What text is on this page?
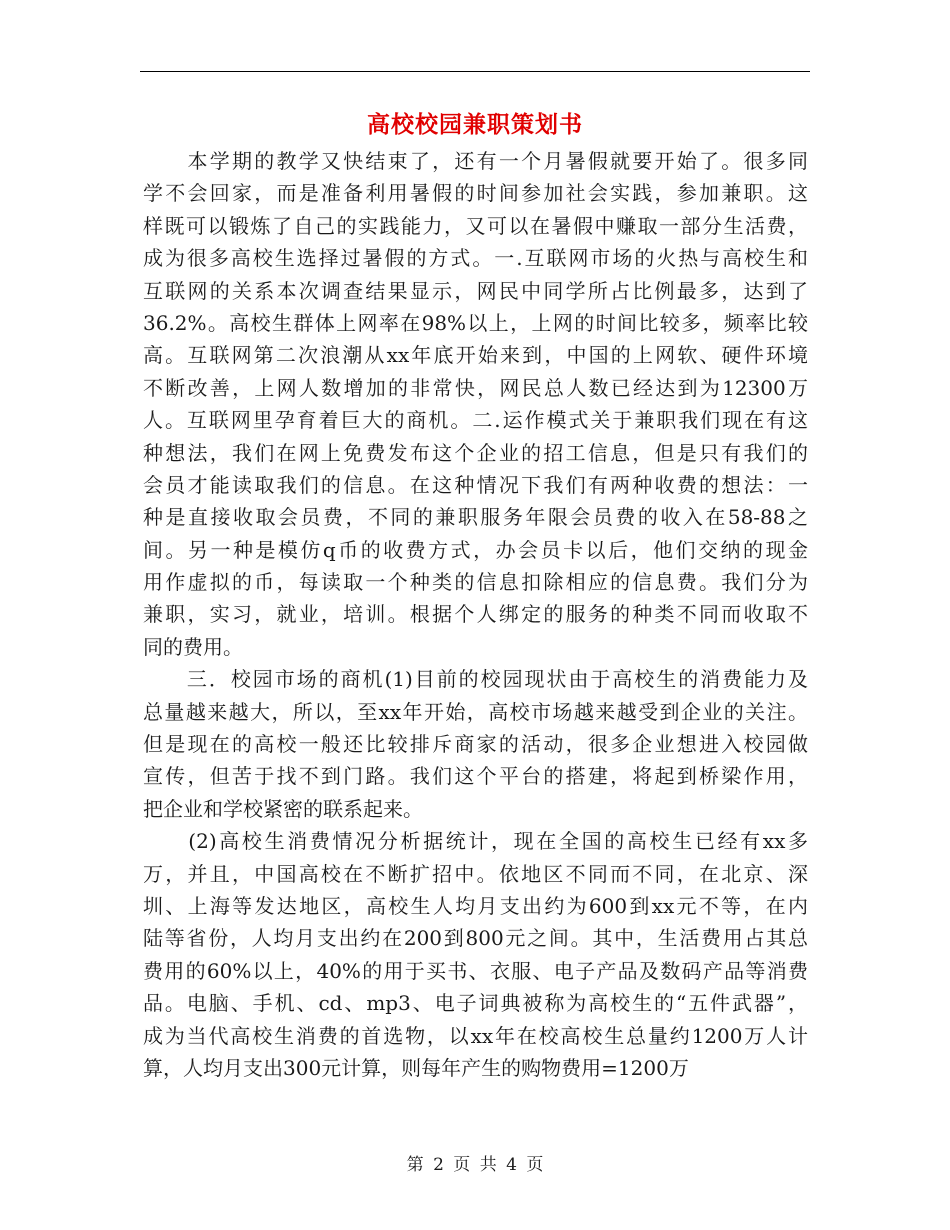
高校校园兼职策划书
　　本学期的教学又快结束了，还有一个月暑假就要开始了。很多同
学不会回家，而是准备利用暑假的时间参加社会实践，参加兼职。这
样既可以锻炼了自己的实践能力，又可以在暑假中赚取一部分生活费，
成为很多高校生选择过暑假的方式。一.互联网市场的火热与高校生和
互联网的关系本次调查结果显示，网民中同学所占比例最多，达到了
36.2%。高校生群体上网率在98%以上，上网的时间比较多，频率比较
高。互联网第二次浪潮从xx年底开始来到，中国的上网软、硬件环境
不断改善，上网人数增加的非常快，网民总人数已经达到为12300万
人。互联网里孕育着巨大的商机。二.运作模式关于兼职我们现在有这
种想法，我们在网上免费发布这个企业的招工信息，但是只有我们的
会员才能读取我们的信息。在这种情况下我们有两种收费的想法：一
种是直接收取会员费，不同的兼职服务年限会员费的收入在58-88之
间。另一种是模仿q币的收费方式，办会员卡以后，他们交纳的现金
用作虚拟的币，每读取一个种类的信息扣除相应的信息费。我们分为
兼职，实习，就业，培训。根据个人绑定的服务的种类不同而收取不
同的费用。
　　三．校园市场的商机(1)目前的校园现状由于高校生的消费能力及
总量越来越大，所以，至xx年开始，高校市场越来越受到企业的关注。
但是现在的高校一般还比较排斥商家的活动，很多企业想进入校园做
宣传，但苦于找不到门路。我们这个平台的搭建，将起到桥梁作用，
把企业和学校紧密的联系起来。
　　(2)高校生消费情况分析据统计，现在全国的高校生已经有xx多
万，并且，中国高校在不断扩招中。依地区不同而不同，在北京、深
圳、上海等发达地区，高校生人均月支出约为600到xx元不等，在内
陆等省份，人均月支出约在200到800元之间。其中，生活费用占其总
费用的60%以上，40%的用于买书、衣服、电子产品及数码产品等消费
品。电脑、手机、cd、mp3、电子词典被称为高校生的“五件武器”，
成为当代高校生消费的首选物，以xx年在校高校生总量约1200万人计
算，人均月支出300元计算，则每年产生的购物费用=1200万
第 2 页 共 4 页
